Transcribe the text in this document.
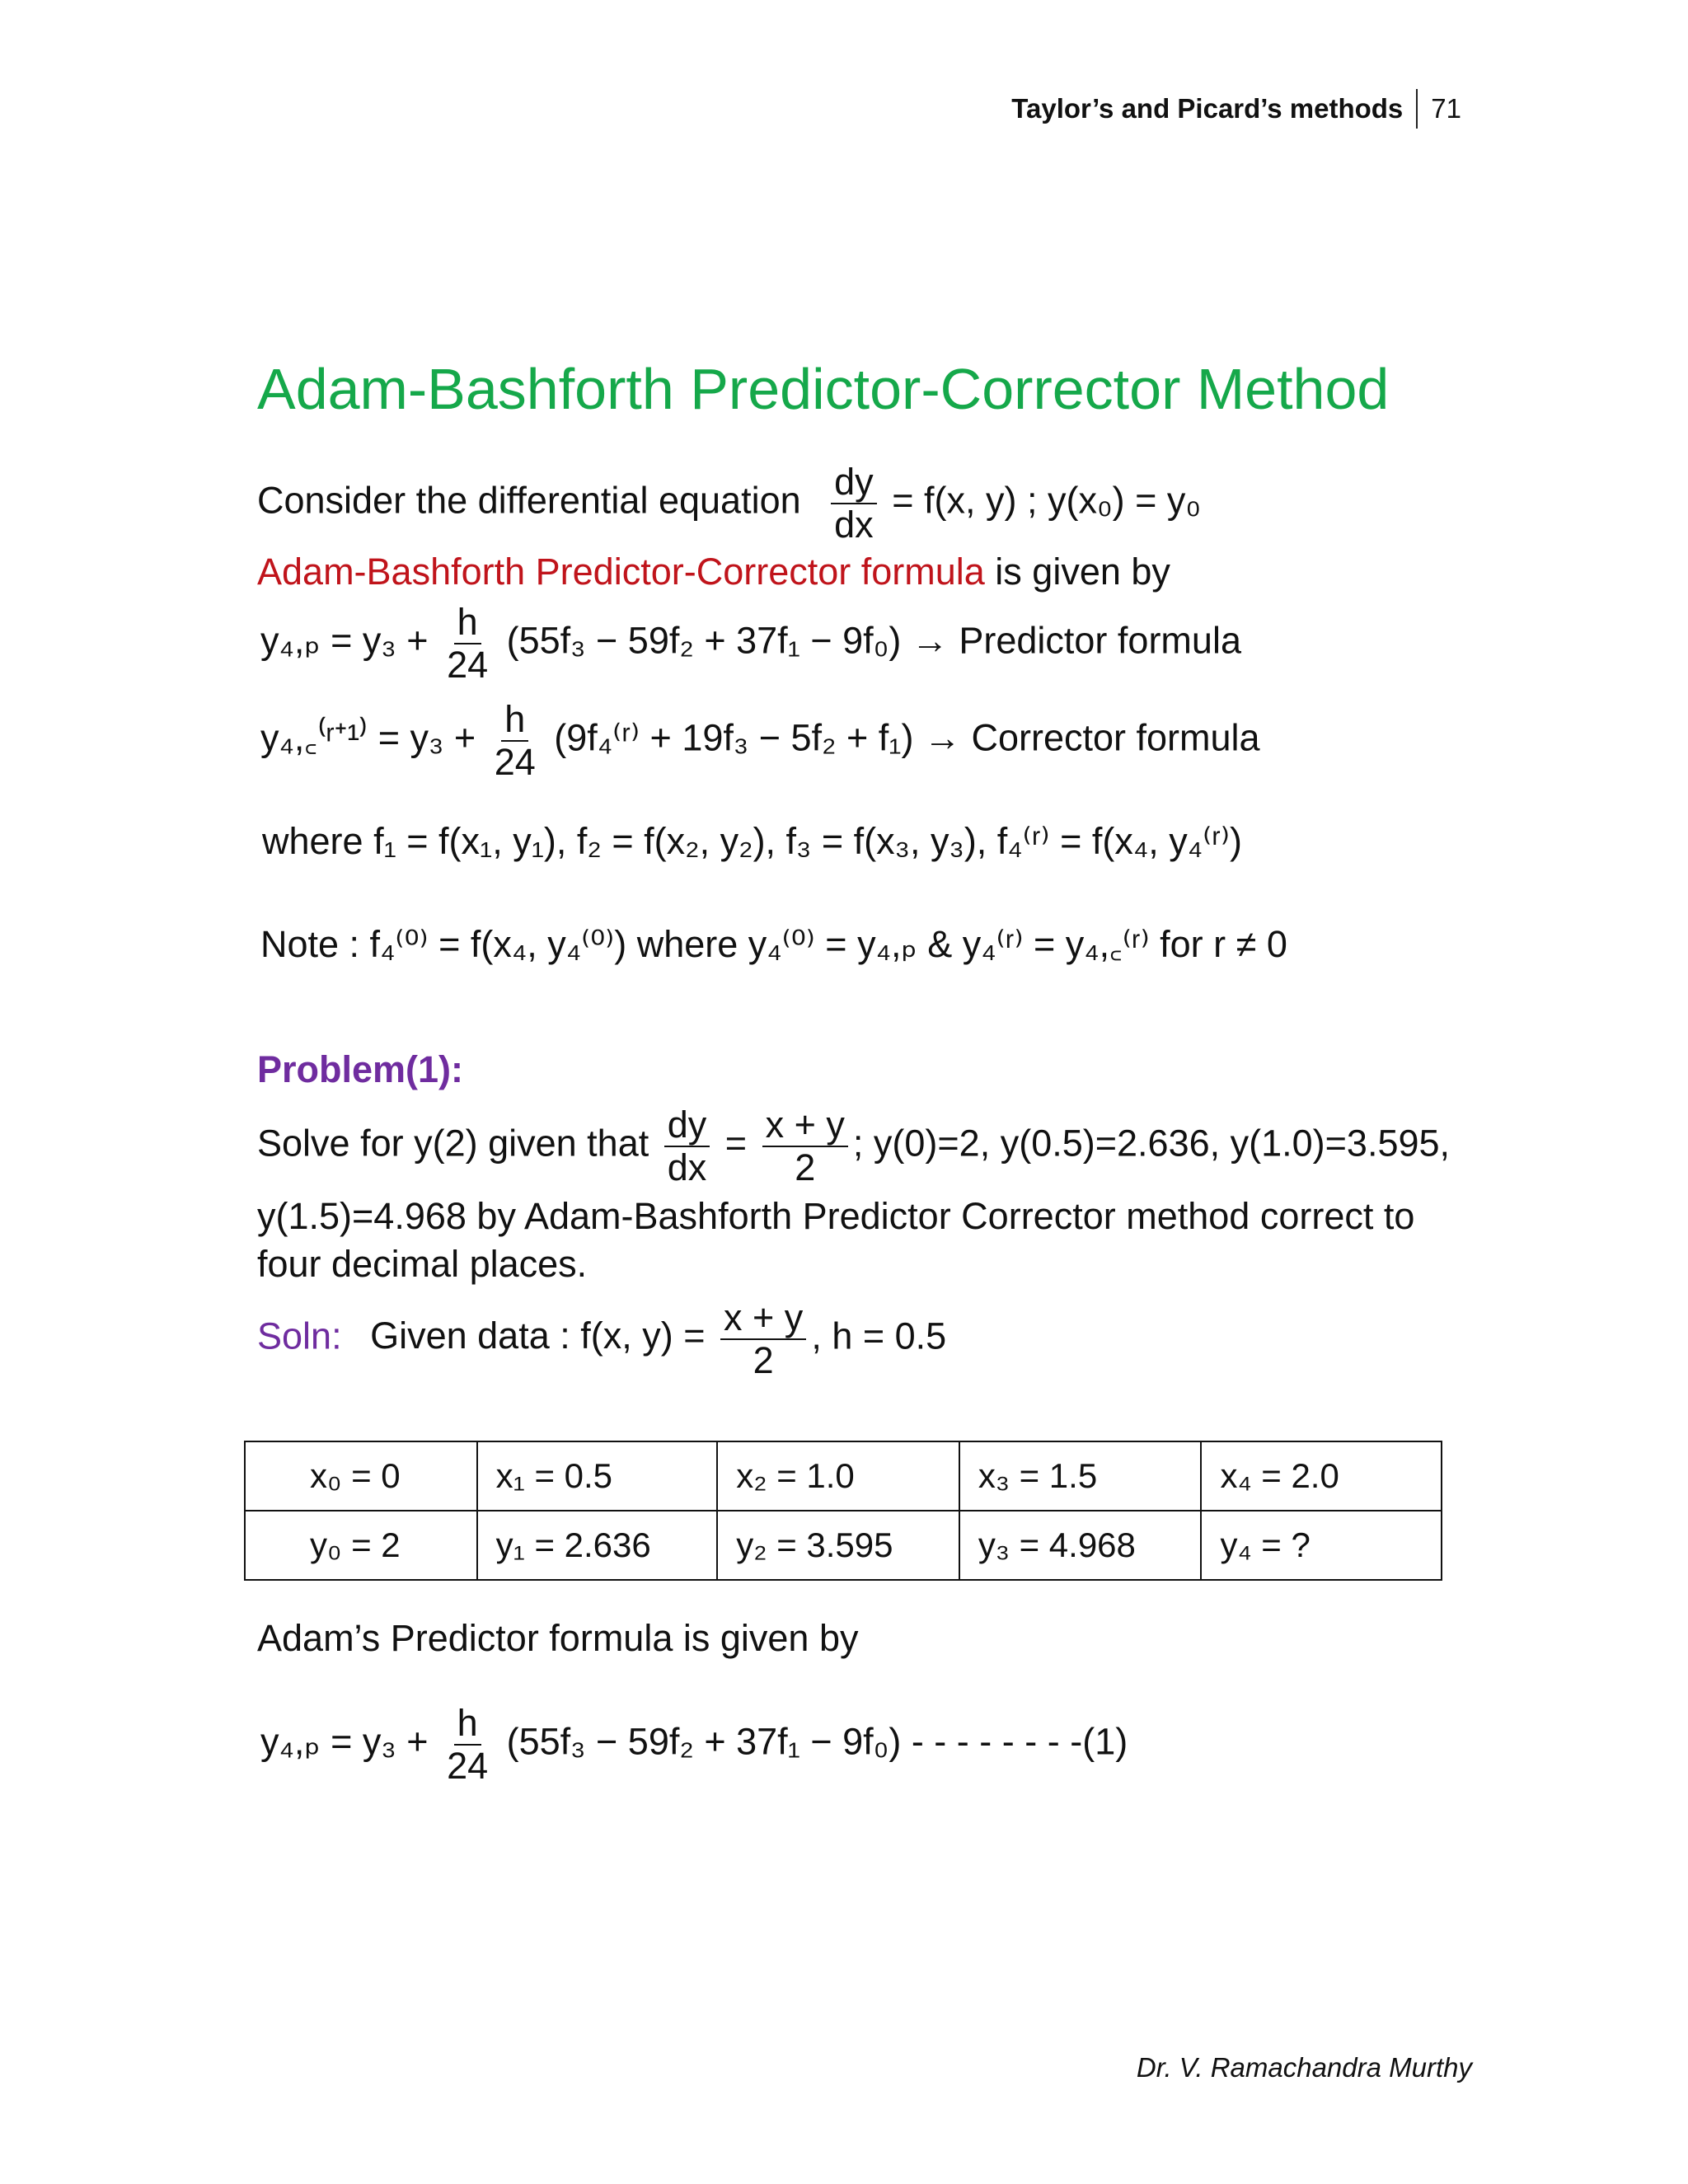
Taylor’s and Picard’s methods 71
Adam-Bashforth Predictor-Corrector Method
Consider the differential equation $\frac{dy}{dx} = f(x$, y) ; y(x₀) = y₀
Adam-Bashforth Predictor-Corrector formula is given by
$y_4,_p = y_3 + \frac{h}{24} (55f_3 - 59f_2 + 37f_1 - 9f_0)$ → Predictor formula
y₄,꜀⁽ʳ⁺¹⁾ = $y_3 + \frac{h}{24}$ (9f₄⁽ʳ⁾ + 19f₃ − 5f₂ + f₁) → Corrector formula
where f₁ = f(x₁, y₁), f₂ = f(x₂, y₂), f₃ = f(x₃, y₃), f₄⁽ʳ⁾ = f(x₄, y₄⁽ʳ⁾)
Note : f₄⁽⁰⁾ = f(x₄, y₄⁽⁰⁾) where y₄⁽⁰⁾ = y₄,ₚ & y₄⁽ʳ⁾ = y₄,꜀⁽ʳ⁾ for r ≠ 0
Problem(1):
Solve for y(2) given that $\frac{dy}{dx} = \frac{x + y}{2}$ ; y(0)=2, y(0.5)=2.636, y(1.0)=3.595,
y(1.5)=4.968 by Adam-Bashforth Predictor Corrector method correct to
four decimal places.
Soln: Given data : f(x, $y) = \frac{x + y}{2}$ , h = 0.5
x₀ = 0	x₁ = 0.5	x₂ = 1.0	x₃ = 1.5	x₄ = 2.0
y₀ = 2	y₁ = 2.636	y₂ = 3.595	y₃ = 4.968	y₄ = ?
Adam’s Predictor formula is given by
$y_4,_p = y_3 + \frac{h}{24} (55f_3 - 59f_2 + 37f_1 - 9f_0)$ - - - - - - - -(1)
Dr. V. Ramachandra Murthy
